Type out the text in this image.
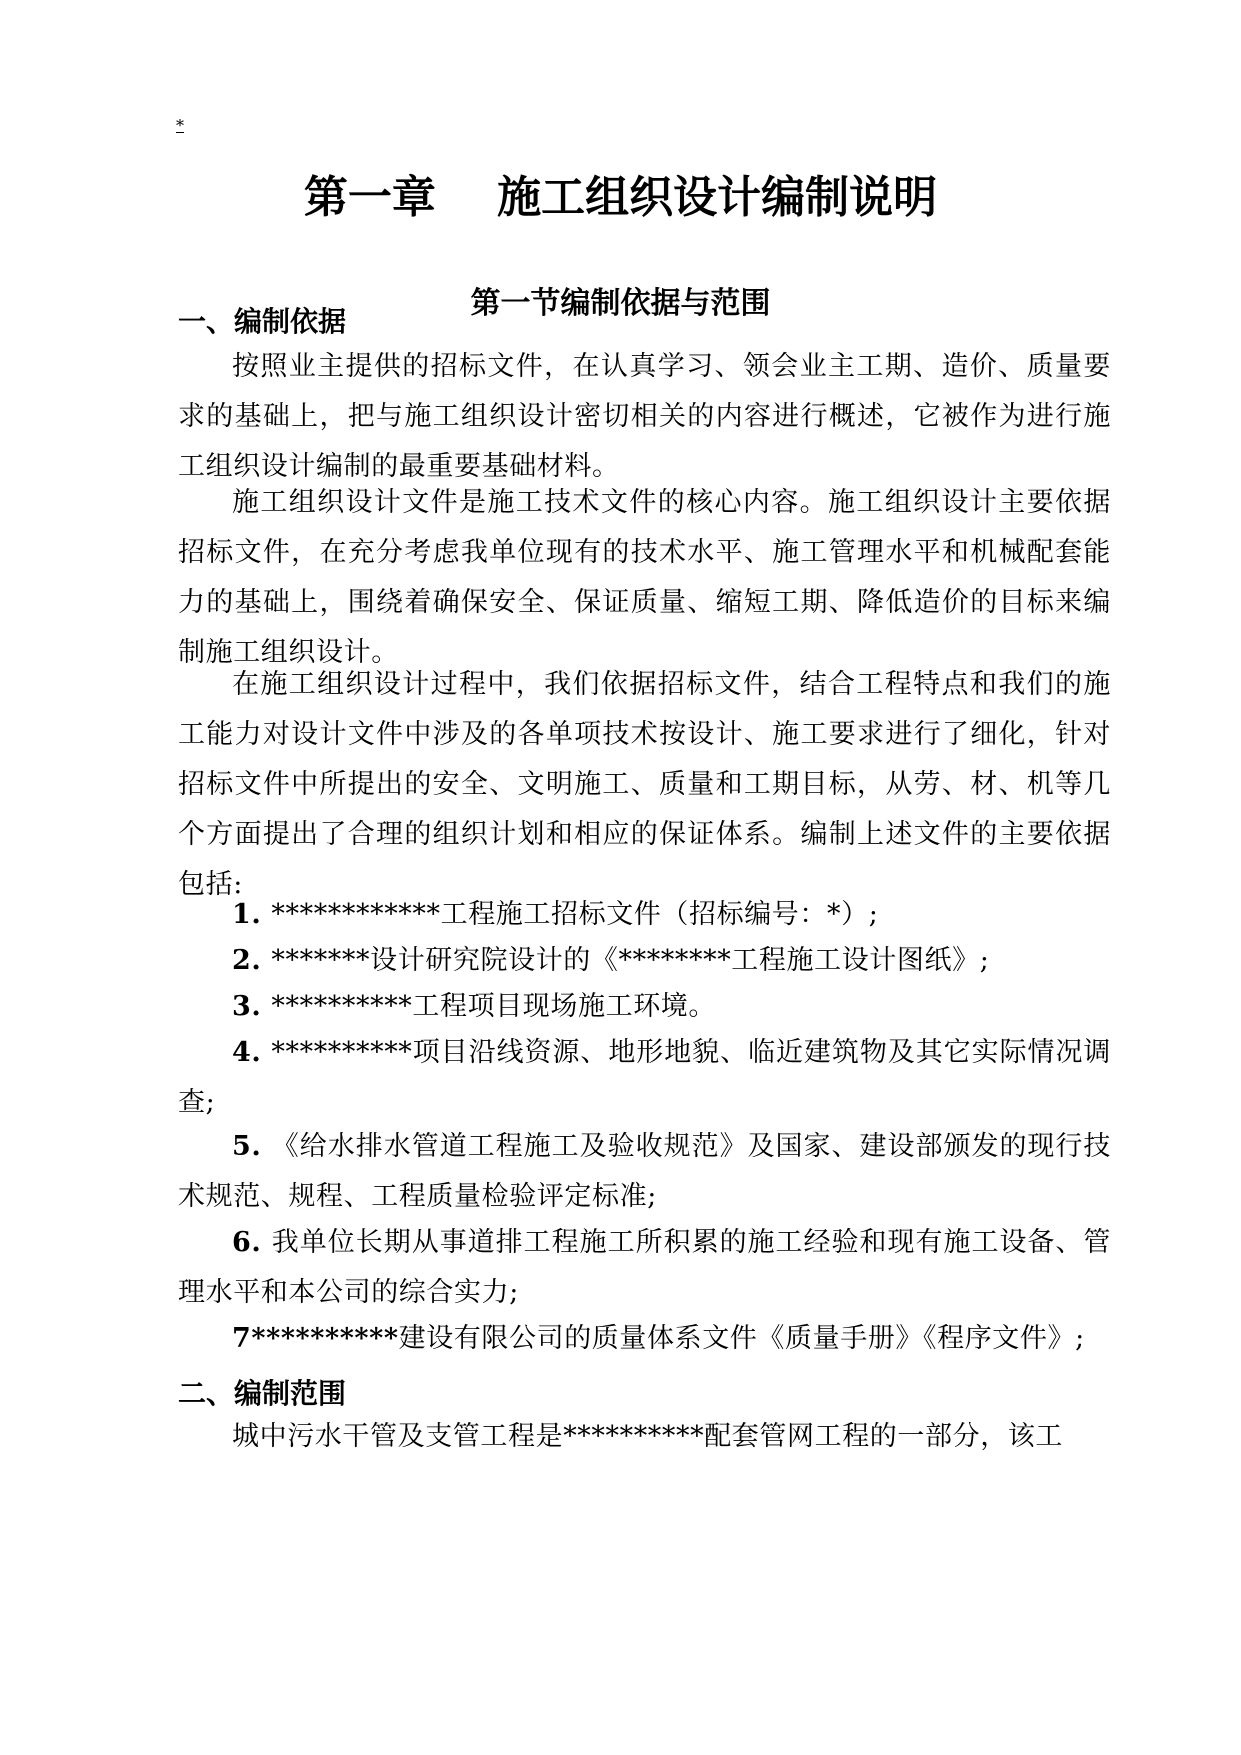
*
第一章    施工组织设计编制说明
第一节编制依据与范围
一、编制依据

按照业主提供的招标文件，在认真学习、领会业主工期、造价、质量要求的基础上，把与施工组织设计密切相关的内容进行概述，它被作为进行施工组织设计编制的最重要基础材料。

施工组织设计文件是施工技术文件的核心内容。施工组织设计主要依据招标文件，在充分考虑我单位现有的技术水平、施工管理水平和机械配套能力的基础上，围绕着确保安全、保证质量、缩短工期、降低造价的目标来编制施工组织设计。

在施工组织设计过程中，我们依据招标文件，结合工程特点和我们的施工能力对设计文件中涉及的各单项技术按设计、施工要求进行了细化，针对招标文件中所提出的安全、文明施工、质量和工期目标，从劳、材、机等几个方面提出了合理的组织计划和相应的保证体系。编制上述文件的主要依据包括:

1. ************工程施工招标文件（招标编号：*）;

2. *******设计研究院设计的《********工程施工设计图纸》;

3. **********工程项目现场施工环境。

4. **********项目沿线资源、地形地貌、临近建筑物及其它实际情况调查;

5. 《给水排水管道工程施工及验收规范》及国家、建设部颁发的现行技术规范、规程、工程质量检验评定标准;

6. 我单位长期从事道排工程施工所积累的施工经验和现有施工设备、管理水平和本公司的综合实力;

7**********建设有限公司的质量体系文件《质量手册》《程序文件》;

二、编制范围

城中污水干管及支管工程是**********配套管网工程的一部分，该工
